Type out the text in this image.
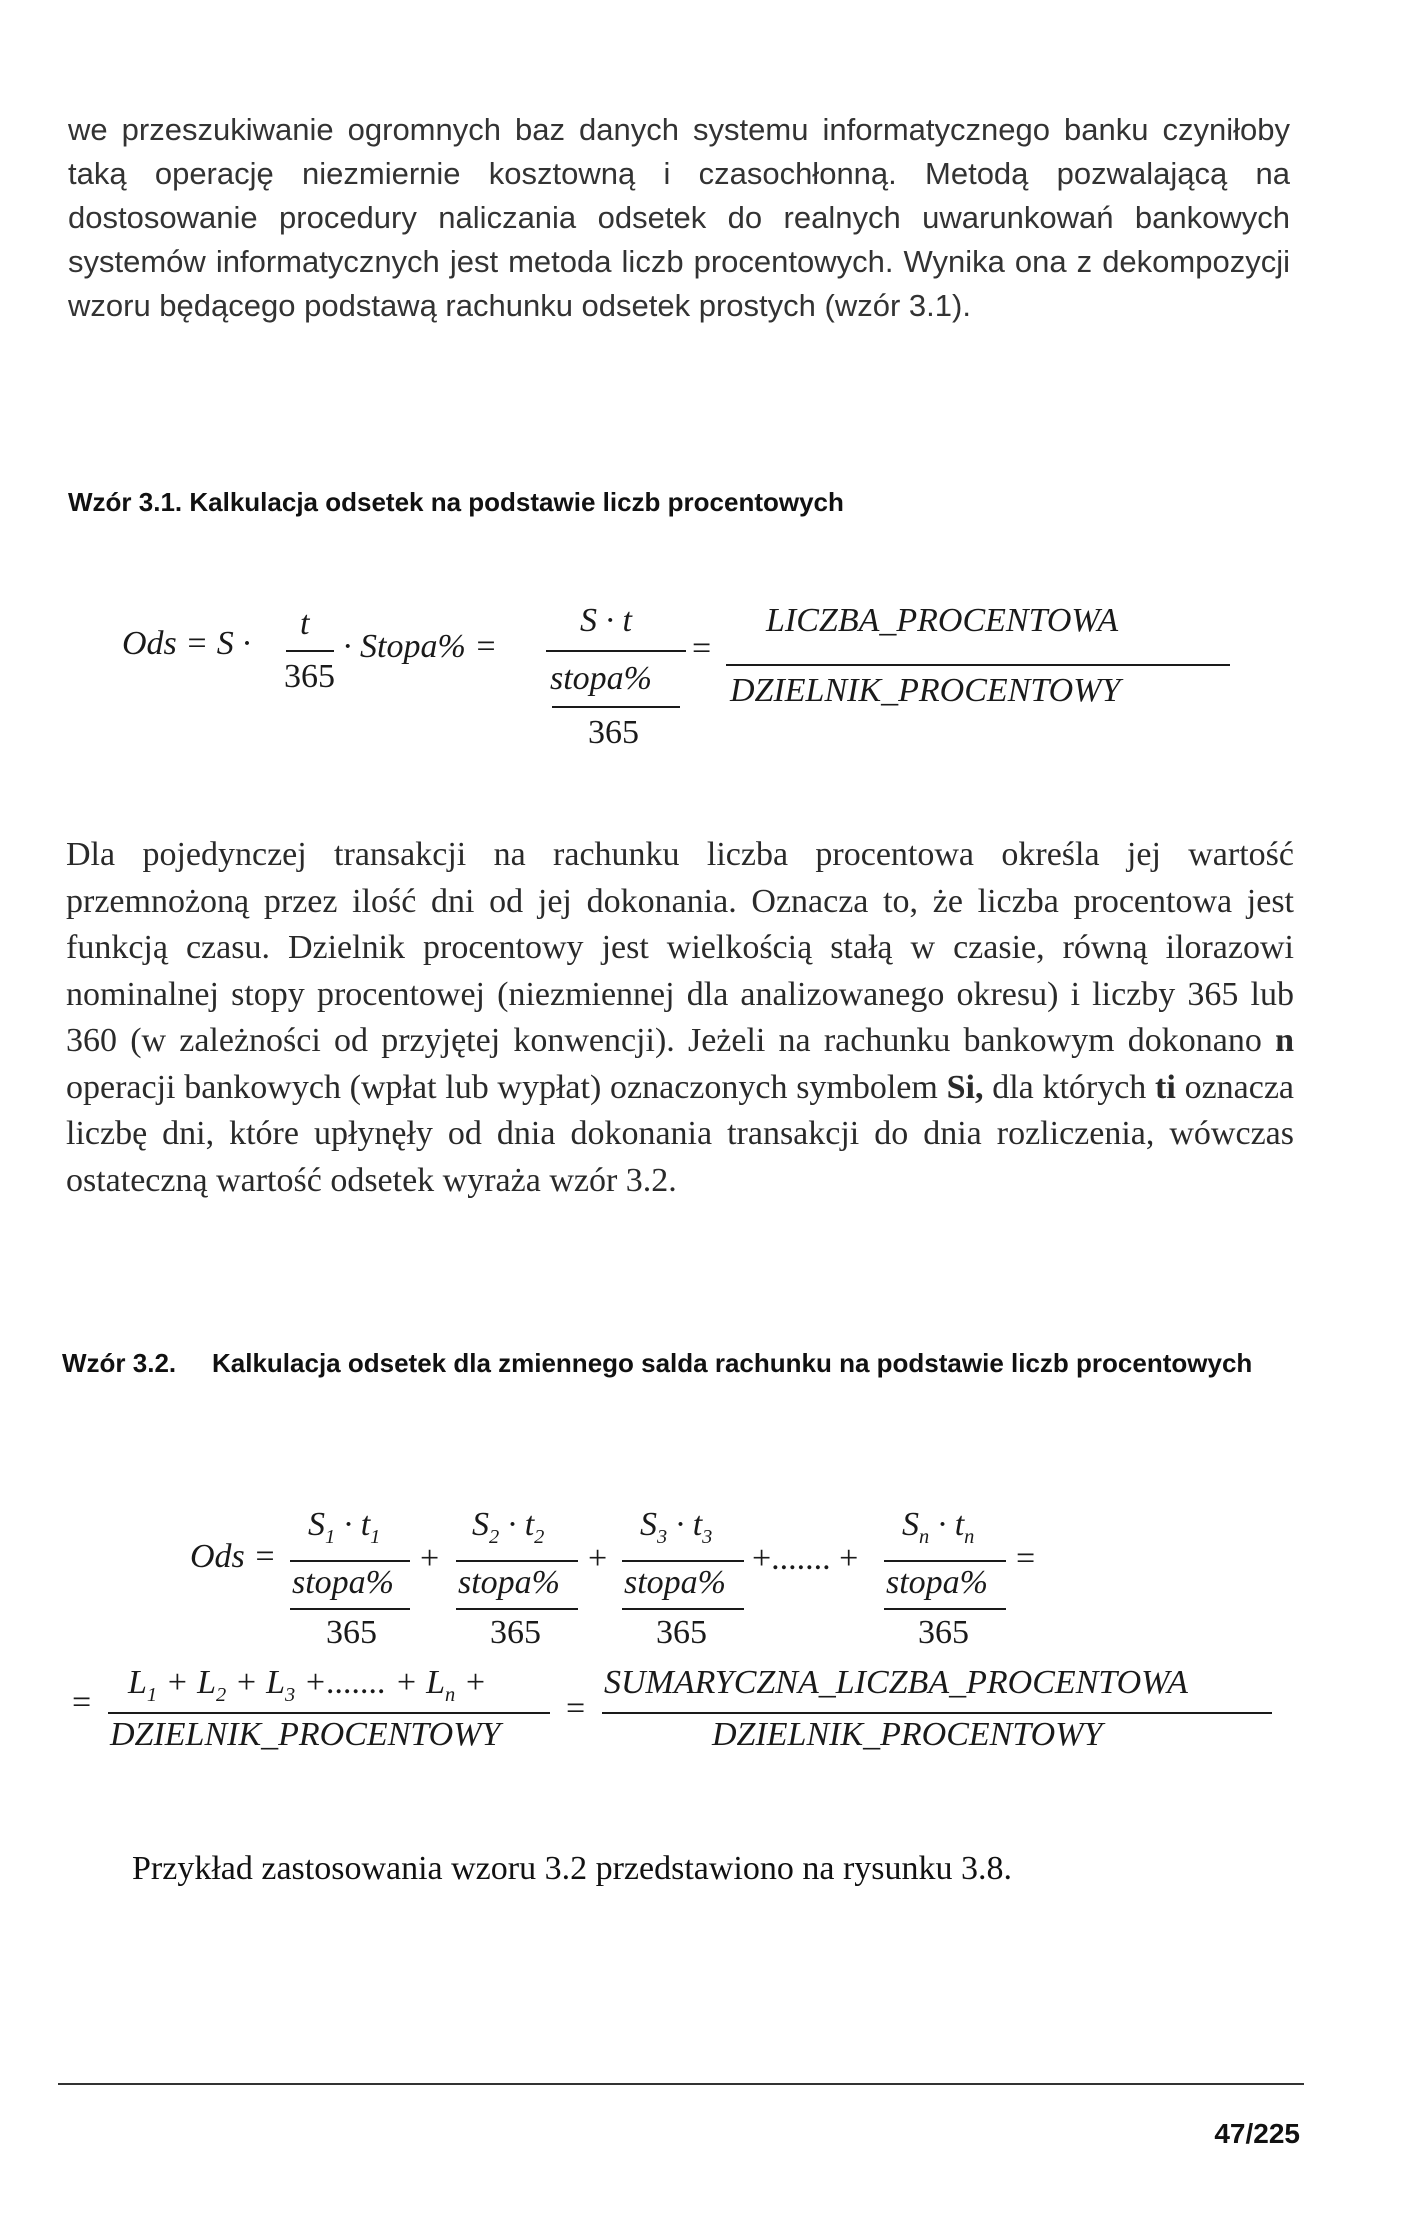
we przeszukiwanie ogromnych baz danych systemu informatycznego banku czyniłoby taką operację niezmiernie kosztowną i czasochłonną. Metodą pozwalającą na dostosowanie procedury naliczania odsetek do realnych uwarunkowań bankowych systemów informatycznych jest metoda liczb procentowych. Wynika ona z dekompozycji wzoru będącego podstawą rachunku odsetek prostych (wzór 3.1).

Wzór 3.1. Kalkulacja odsetek na podstawie liczb procentowych
Ods = S ·
t
365
· Stopa% =
S · t
stopa%
365
=
LICZBA_PROCENTOWA
DZIELNIK_PROCENTOWY

Dla pojedynczej transakcji na rachunku liczba procentowa określa jej wartość przemnożoną przez ilość dni od jej dokonania. Oznacza to, że liczba procentowa jest funkcją czasu. Dzielnik procentowy jest wielkością stałą w czasie, równą ilorazowi nominalnej stopy procentowej (niezmiennej dla analizowanego okresu) i liczby 365 lub 360 (w zależności od przyjętej konwencji). Jeżeli na rachunku bankowym dokonano n operacji bankowych (wpłat lub wypłat) oznaczonych symbolem Si, dla których ti oznacza liczbę dni, które upłynęły od dnia dokonania transakcji do dnia rozliczenia, wówczas ostateczną wartość odsetek wyraża wzór 3.2.

Wzór 3.2. Kalkulacja odsetek dla zmiennego salda rachunku na podstawie liczb procentowych
Ods =
$S_1 \cdot t_1$
stopa%
365
+
$S_2 \cdot t_2$
stopa%
365
+
$S_3 \cdot t_3$
stopa%
365
+....... +
$S_n \cdot t_n$
stopa%
365
=
=
$L_1 + L_2 + L_3$ +....... + $L_n$ +
DZIELNIK_PROCENTOWY
=
SUMARYCZNA_LICZBA_PROCENTOWA
DZIELNIK_PROCENTOWY

Przykład zastosowania wzoru 3.2 przedstawiono na rysunku 3.8.

47/225
